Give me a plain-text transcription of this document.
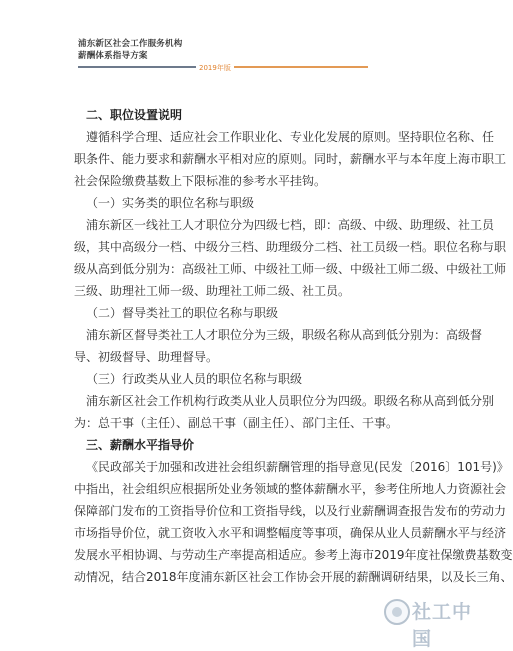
浦东新区社会工作服务机构
薪酬体系指导方案
2019年版

二、职位设置说明

遵循科学合理、适应社会工作职业化、专业化发展的原则。坚持职位名称、任

职条件、能力要求和薪酬水平相对应的原则。同时，薪酬水平与本年度上海市职工

社会保险缴费基数上下限标准的参考水平挂钩。

（一）实务类的职位名称与职级

浦东新区一线社工人才职位分为四级七档，即：高级、中级、助理级、社工员

级，其中高级分一档、中级分三档、助理级分二档、社工员级一档。职位名称与职

级从高到低分别为：高级社工师、中级社工师一级、中级社工师二级、中级社工师

三级、助理社工师一级、助理社工师二级、社工员。

（二）督导类社工的职位名称与职级

浦东新区督导类社工人才职位分为三级，职级名称从高到低分别为：高级督

导、初级督导、助理督导。

（三）行政类从业人员的职位名称与职级

浦东新区社会工作机构行政类从业人员职位分为四级。职级名称从高到低分别

为：总干事（主任）、副总干事（副主任）、部门主任、干事。

三、薪酬水平指导价

《民政部关于加强和改进社会组织薪酬管理的指导意见(民发〔2016〕101号)》

中指出，社会组织应根据所处业务领域的整体薪酬水平，参考住所地人力资源社会

保障部门发布的工资指导价位和工资指导线，以及行业薪酬调查报告发布的劳动力

市场指导价位，就工资收入水平和调整幅度等事项，确保从业人员薪酬水平与经济

发展水平相协调、与劳动生产率提高相适应。参考上海市2019年度社保缴费基数变

动情况，结合2018年度浦东新区社会工作协会开展的薪酬调研结果，以及长三角、

社工中国
